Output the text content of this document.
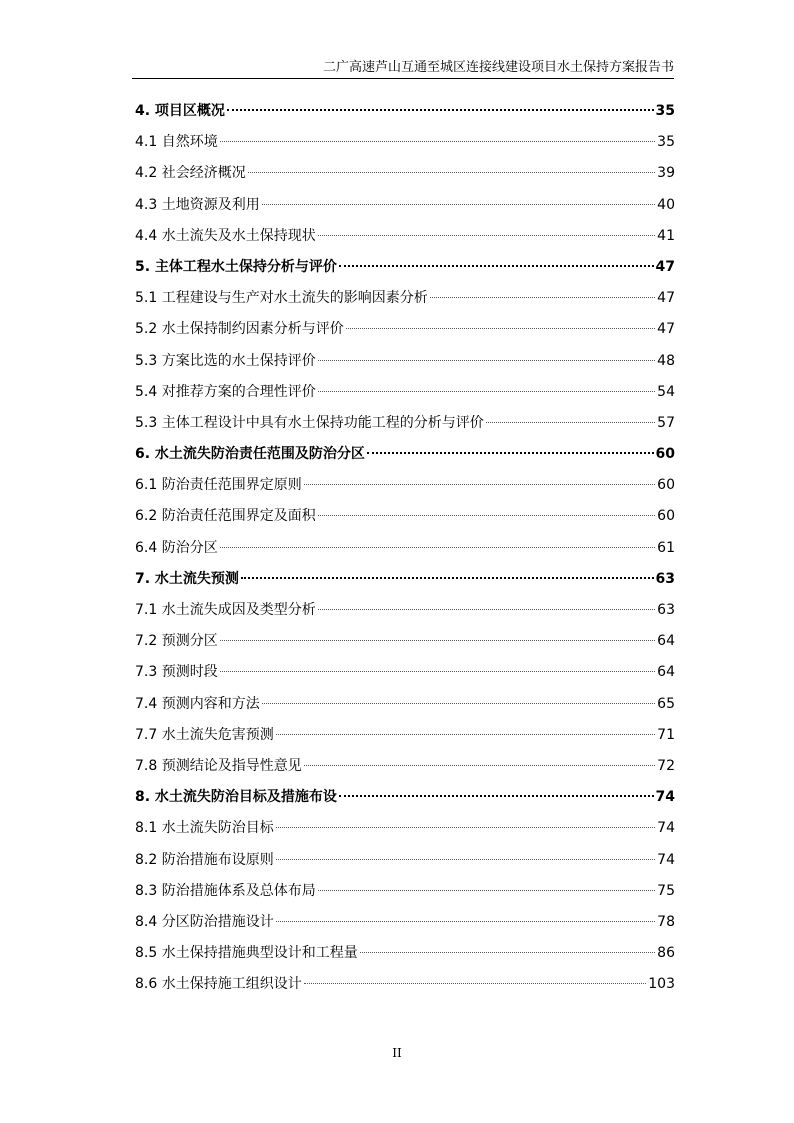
二广高速芦山互通至城区连接线建设项目水土保持方案报告书
4. 项目区概况	35
4.1 自然环境	35
4.2 社会经济概况	39
4.3 土地资源及利用	40
4.4 水土流失及水土保持现状	41
5. 主体工程水土保持分析与评价	47
5.1 工程建设与生产对水土流失的影响因素分析	47
5.2 水土保持制约因素分析与评价	47
5.3 方案比选的水土保持评价	48
5.4 对推荐方案的合理性评价	54
5.3 主体工程设计中具有水土保持功能工程的分析与评价	57
6. 水土流失防治责任范围及防治分区	60
6.1 防治责任范围界定原则	60
6.2 防治责任范围界定及面积	60
6.4 防治分区	61
7. 水土流失预测	63
7.1 水土流失成因及类型分析	63
7.2 预测分区	64
7.3 预测时段	64
7.4 预测内容和方法	65
7.7 水土流失危害预测	71
7.8 预测结论及指导性意见	72
8. 水土流失防治目标及措施布设	74
8.1 水土流失防治目标	74
8.2 防治措施布设原则	74
8.3 防治措施体系及总体布局	75
8.4 分区防治措施设计	78
8.5 水土保持措施典型设计和工程量	86
8.6 水土保持施工组织设计	103
II
